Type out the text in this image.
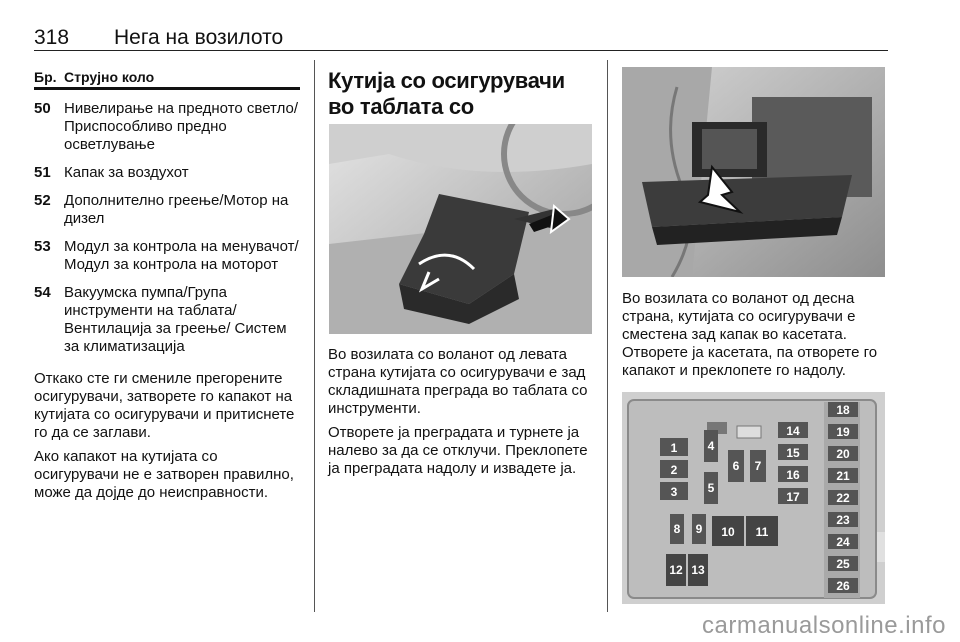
318 Нега на возилото
Бр. Струјно коло
50 Нивелирање на предното светло/Приспособливо предно осветлување
51 Капак за воздухот
52 Дополнително греење/Мотор на дизел
53 Модул за контрола на менувачот/Модул за контрола на моторот
54 Вакуумска пумпа/Група инструменти на таблата/ Вентилација за греење/ Систем за климатизација

Откако сте ги смениле прегорените осигурувачи, затворете го капакот на кутијата со осигурувачи и притиснете го да се заглави.

Ако капакот на кутијата со осигурувачи не е затворен правилно, може да дојде до неисправности.

Кутија со осигурувачи во таблата со

Во возилата со воланот од левата страна кутијата со осигурувачи е зад складишната преграда во таблата со инструменти.

Отворете ја преградата и турнете ја налево за да се отклучи. Преклопете ја преградата надолу и извадете ја.

Во возилата со воланот од десна страна, кутијата со осигурувачи е сместена зад капак во касетата. Отворете ја касетата, па отворете го капакот и преклопете го надолу.

1
2
3
4
5
6 7
14
15
16
17
8 9 10 11
12 13
18
19
20
21
22
23
24
25
26
carmanualsonline.info
